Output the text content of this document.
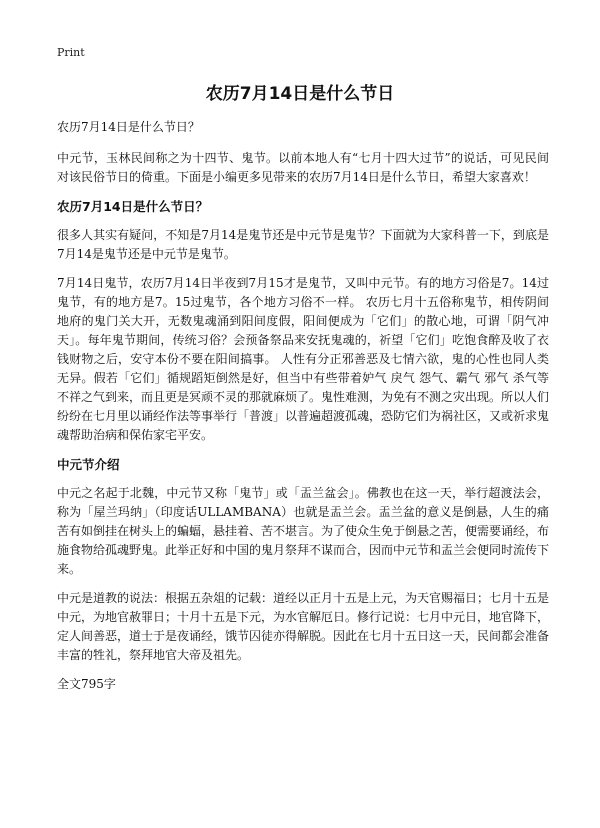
Print
农历7月14日是什么节日

农历7月14日是什么节日？

中元节，玉林民间称之为十四节、鬼节。以前本地人有“七月十四大过节”的说话，可见民间对该民俗节日的倚重。下面是小编更多见带来的农历7月14日是什么节日，希望大家喜欢！

农历7月14日是什么节日？

很多人其实有疑问，不知是7月14是鬼节还是中元节是鬼节？下面就为大家科普一下，到底是7月14是鬼节还是中元节是鬼节。

7月14日鬼节，农历7月14日半夜到7月15才是鬼节，又叫中元节。有的地方习俗是7。14过鬼节，有的地方是7。15过鬼节，各个地方习俗不一样。 农历七月十五俗称鬼节，相传阴间地府的鬼门关大开，无数鬼魂涌到阳间度假，阳间便成为「它们」的散心地，可谓「阴气冲天」。每年鬼节期间，传统习俗？会预备祭品来安抚鬼魂的，祈望「它们」吃饱食醉及收了衣钱财物之后，安守本份不要在阳间搞事。 人性有分正邪善恶及七情六欲，鬼的心性也同人类无异。假若「它们」循规蹈矩倒然是好，但当中有些带着妒气 戾气 怨气、霸气 邪气 杀气等不祥之气到来，而且更是冥顽不灵的那就麻烦了。鬼性难测，为免有不测之灾出现。所以人们纷纷在七月里以诵经作法等事举行「普渡」以普遍超渡孤魂，恐防它们为祸社区，又或祈求鬼魂帮助治病和保佑家宅平安。

中元节介绍

中元之名起于北魏，中元节又称「鬼节」或「盂兰盆会」。佛教也在这一天，举行超渡法会，称为「屋兰玛纳」（印度话ULLAMBANA）也就是盂兰会。盂兰盆的意义是倒悬，人生的痛苦有如倒挂在树头上的蝙蝠，悬挂着、苦不堪言。为了使众生免于倒悬之苦，便需要诵经，布施食物给孤魂野鬼。此举正好和中国的鬼月祭拜不谋而合，因而中元节和盂兰会便同时流传下来。

中元是道教的说法：根据五杂俎的记载：道经以正月十五是上元，为天官赐福日；七月十五是中元，为地官赦罪日；十月十五是下元，为水官解厄日。修行记说：七月中元日，地官降下，定人间善恶，道士于是夜诵经，饿节囚徒亦得解脱。因此在七月十五日这一天，民间都会准备丰富的牲礼，祭拜地官大帝及祖先。

全文795字
